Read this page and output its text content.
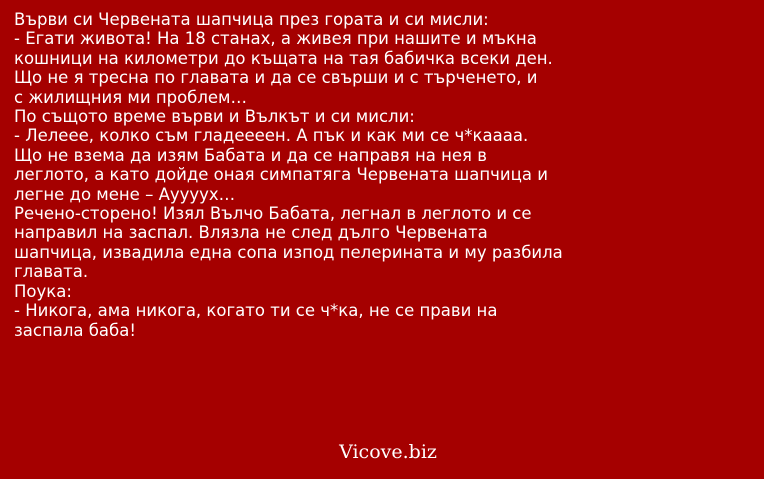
Върви си Червената шапчица през гората и си мисли:
- Егати живота! На 18 станах, а живея при нашите и мъкна
кошници на километри до къщата на тая бабичка всеки ден.
Що не я тресна по главата и да се свърши и с търченето, и
с жилищния ми проблем…
По същото време върви и Вълкът и си мисли:
- Лелеее, колко съм гладеееен. А пък и как ми се ч*каааа.
Що не взема да изям Бабата и да се направя на нея в
леглото, а като дойде оная симпатяга Червената шапчица и
легне до мене – Ауууух…
Речено-сторено! Изял Вълчо Бабата, легнал в леглото и се
направил на заспал. Влязла не след дълго Червената
шапчица, извадила една сопа изпод пелерината и му разбила
главата.
Поука:
- Никога, ама никога, когато ти се ч*ка, не се прави на
заспала баба!
Vicove.biz
